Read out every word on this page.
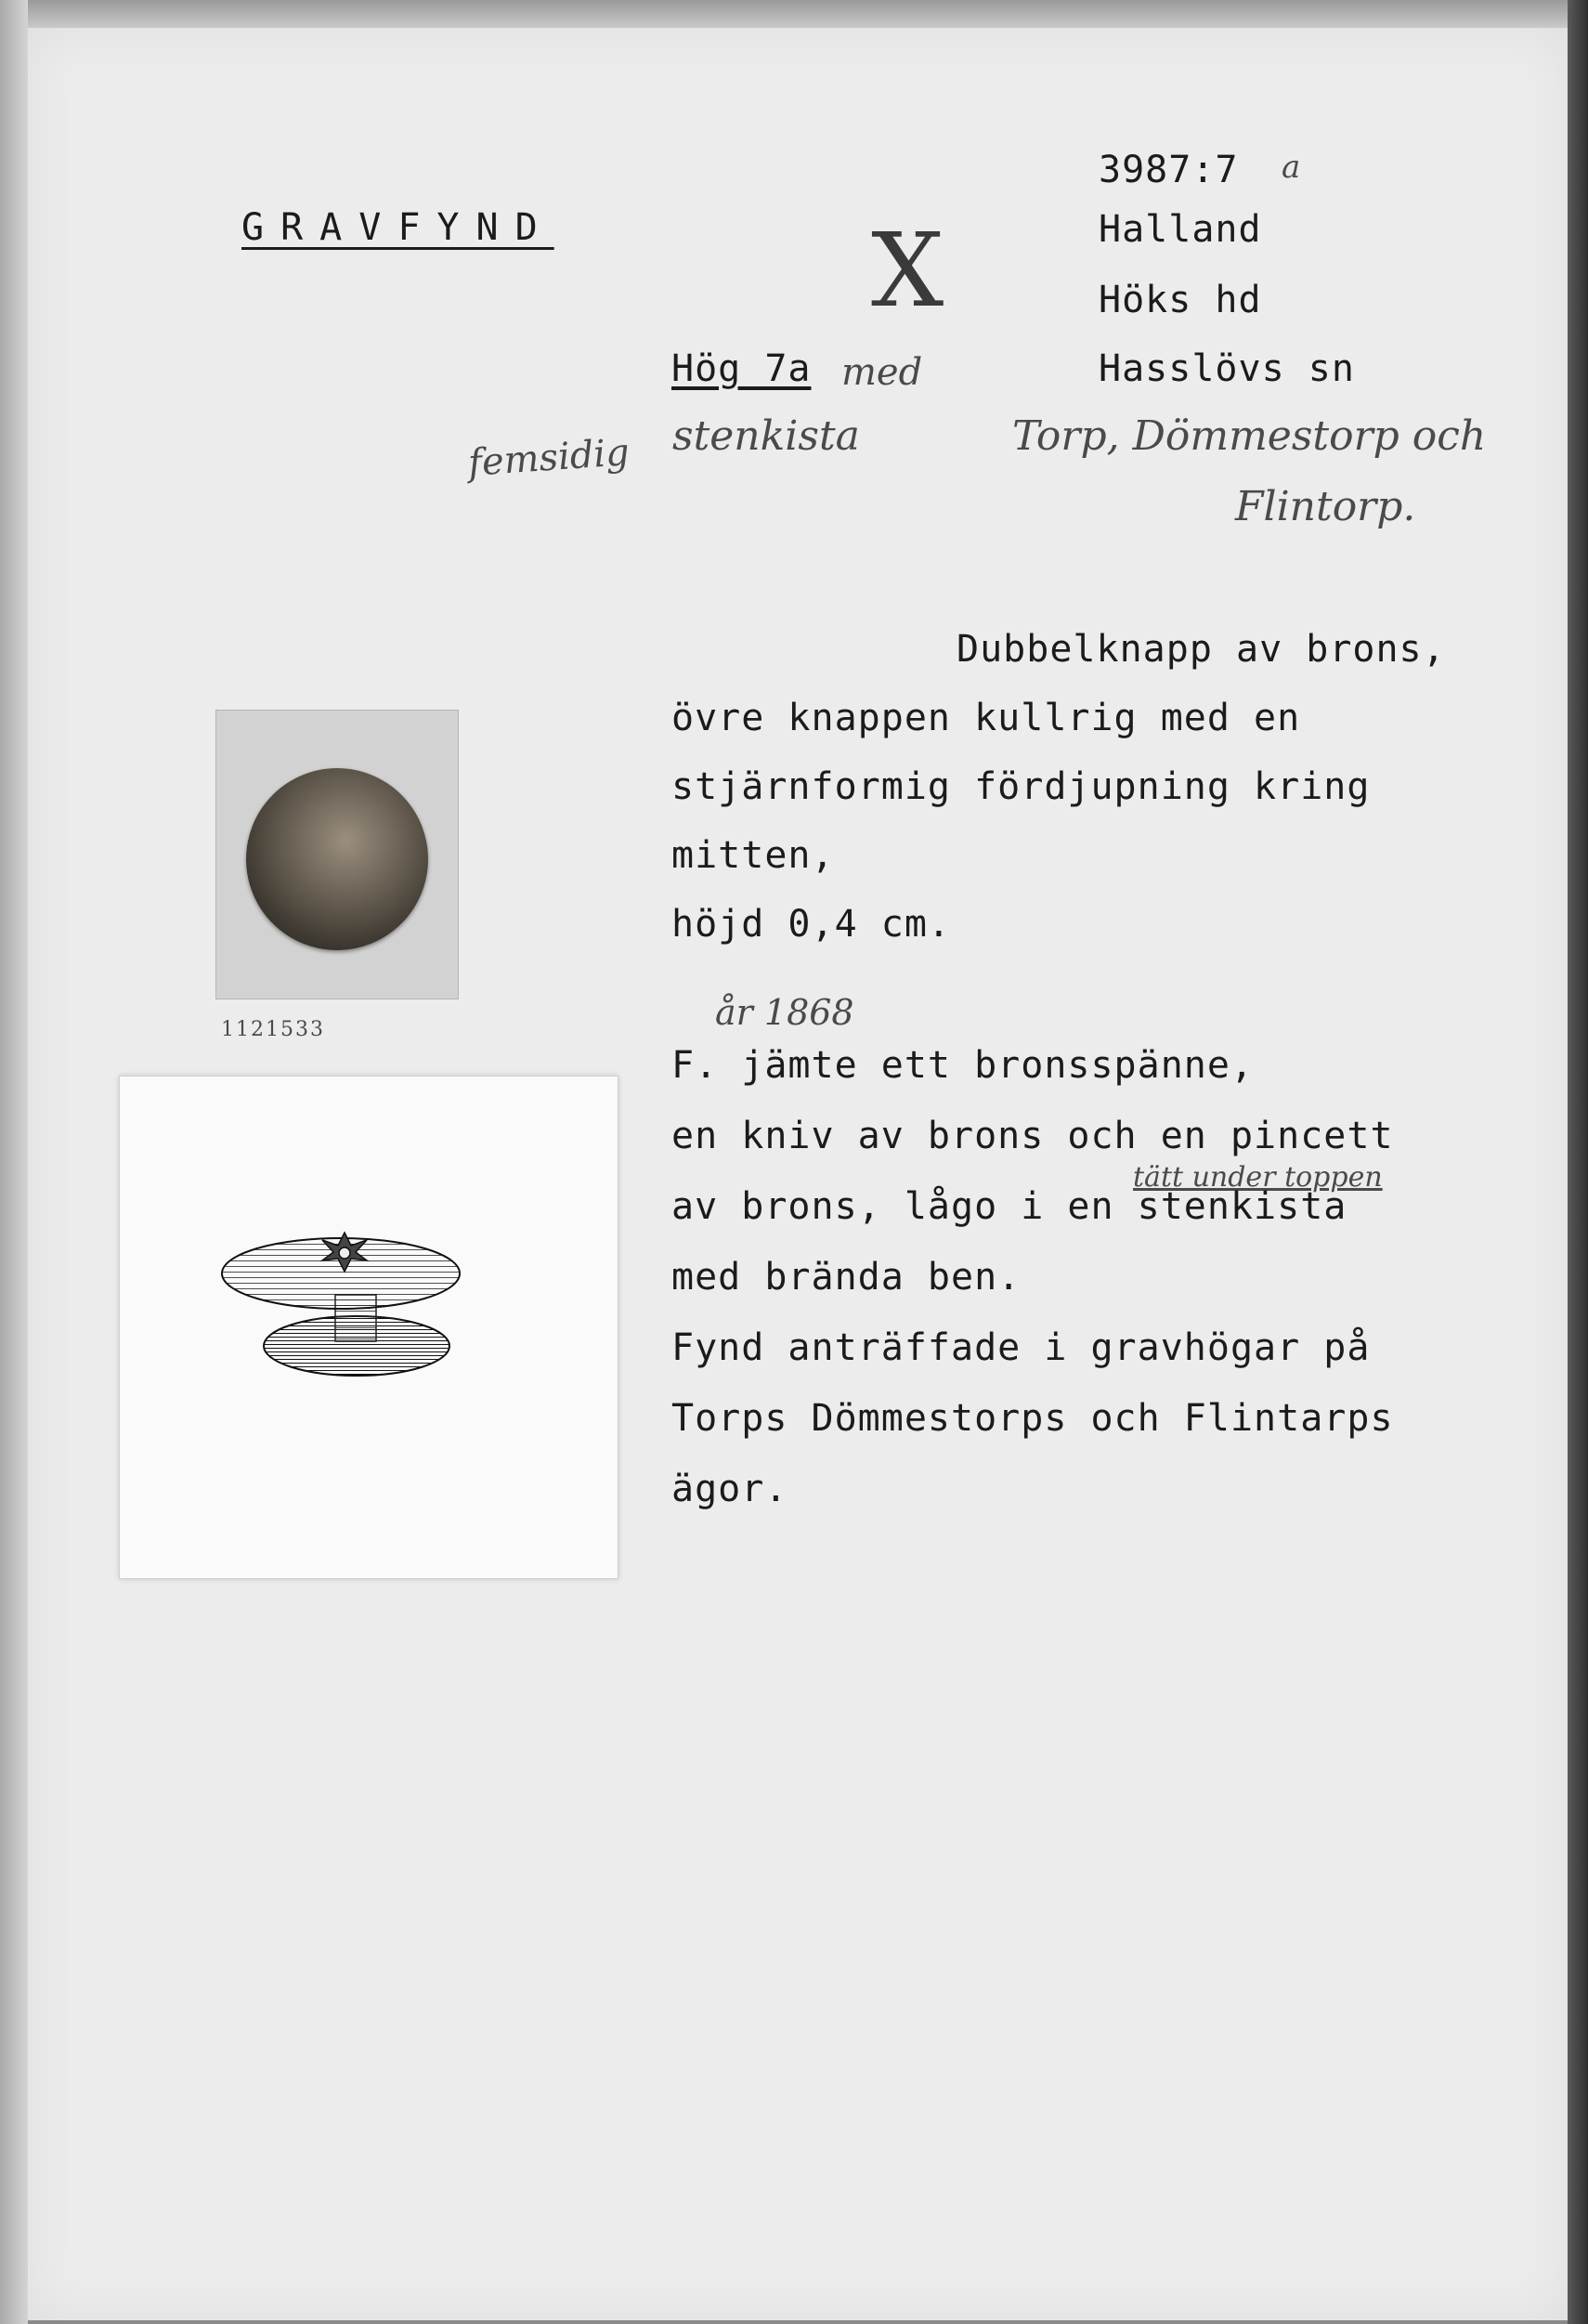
GRAVFYND
3987:7 a
Halland
Höks hd
Hasslövs sn
Hög 7a
X
med
stenkista
femsidig	Torp, Dömmestorp och
Flintorp.
år 1868
tätt under toppen
1121533
Dubbelknapp av brons,
övre knappen kullrig med en
stjärnformig fördjupning kring
mitten,
höjd 0,4 cm.
F. jämte ett bronsspänne,
en kniv av brons och en pincett
av brons, lågo i en stenkista
med brända ben.
Fynd anträffade i gravhögar på
Torps Dömmestorps och Flintarps
ägor.
